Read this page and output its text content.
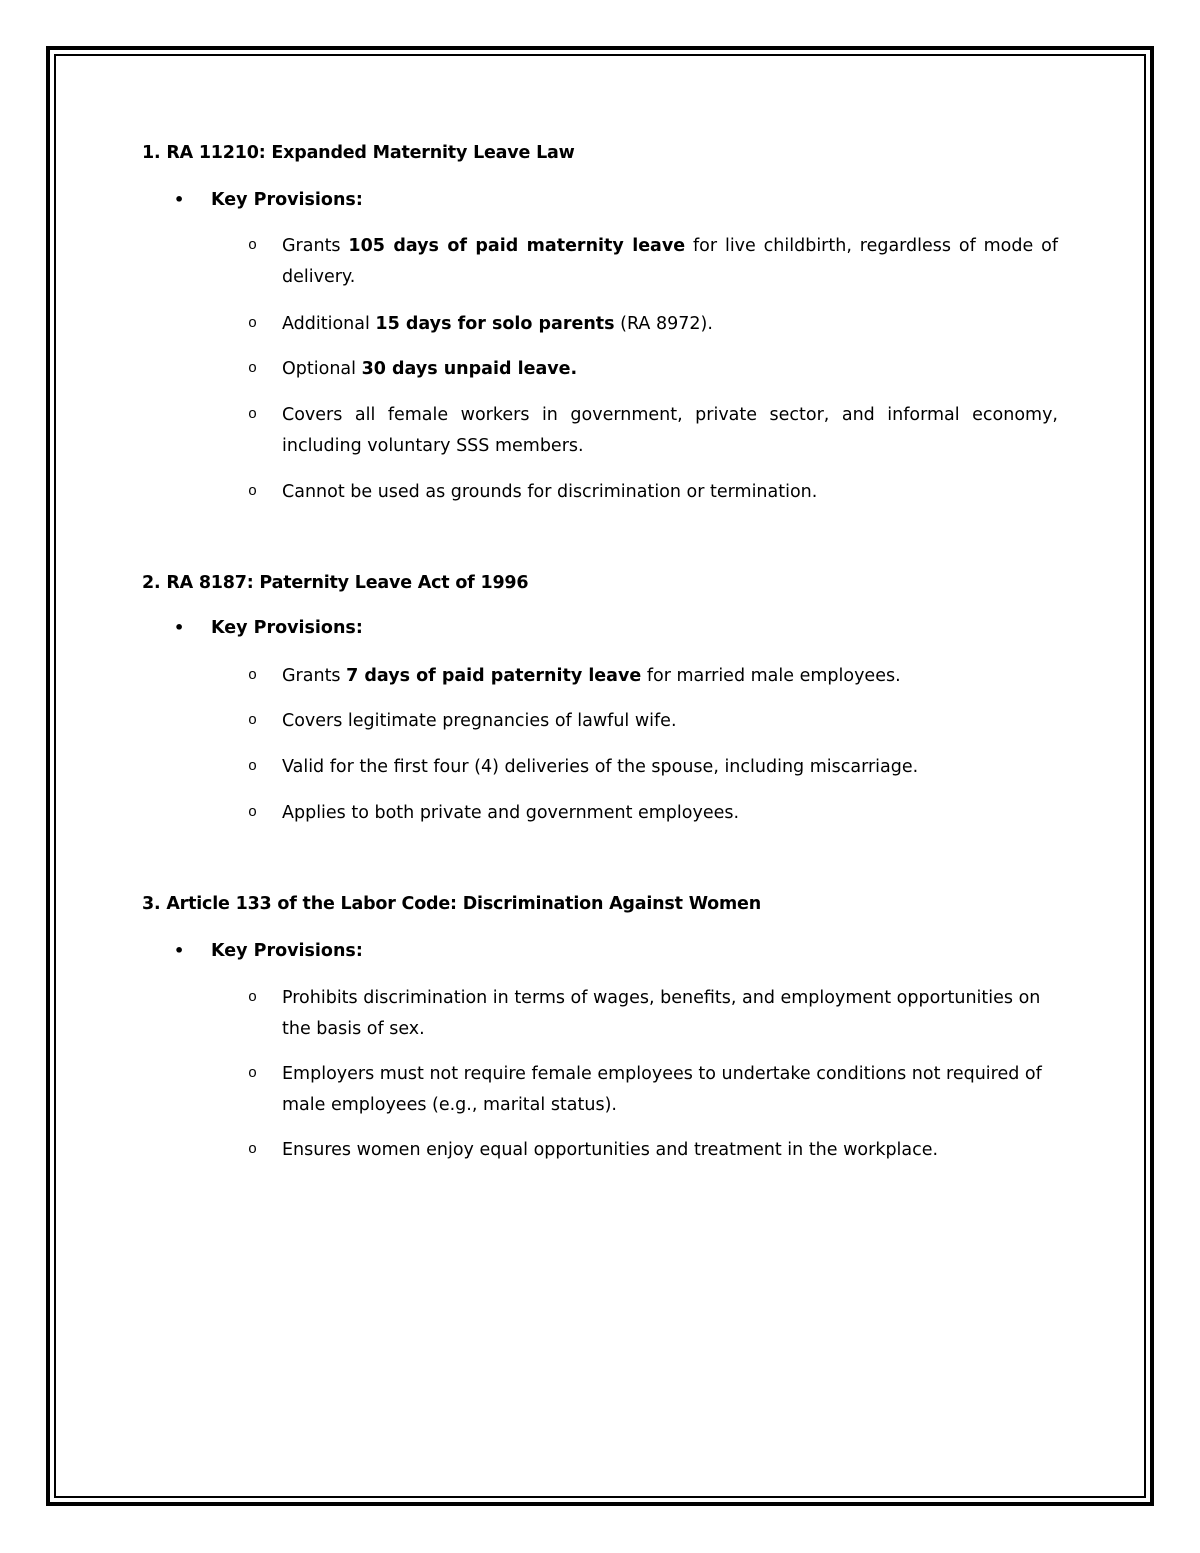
1. RA 11210: Expanded Maternity Leave Law
• Key Provisions:
o Grants 105 days of paid maternity leave for live childbirth, regardless of mode of delivery.
o Additional 15 days for solo parents (RA 8972).
o Optional 30 days unpaid leave.
o Covers all female workers in government, private sector, and informal economy, including voluntary SSS members.
o Cannot be used as grounds for discrimination or termination.
2. RA 8187: Paternity Leave Act of 1996
• Key Provisions:
o Grants 7 days of paid paternity leave for married male employees.
o Covers legitimate pregnancies of lawful wife.
o Valid for the first four (4) deliveries of the spouse, including miscarriage.
o Applies to both private and government employees.
3. Article 133 of the Labor Code: Discrimination Against Women
• Key Provisions:
o Prohibits discrimination in terms of wages, benefits, and employment opportunities on the basis of sex.
o Employers must not require female employees to undertake conditions not required of male employees (e.g., marital status).
o Ensures women enjoy equal opportunities and treatment in the workplace.
